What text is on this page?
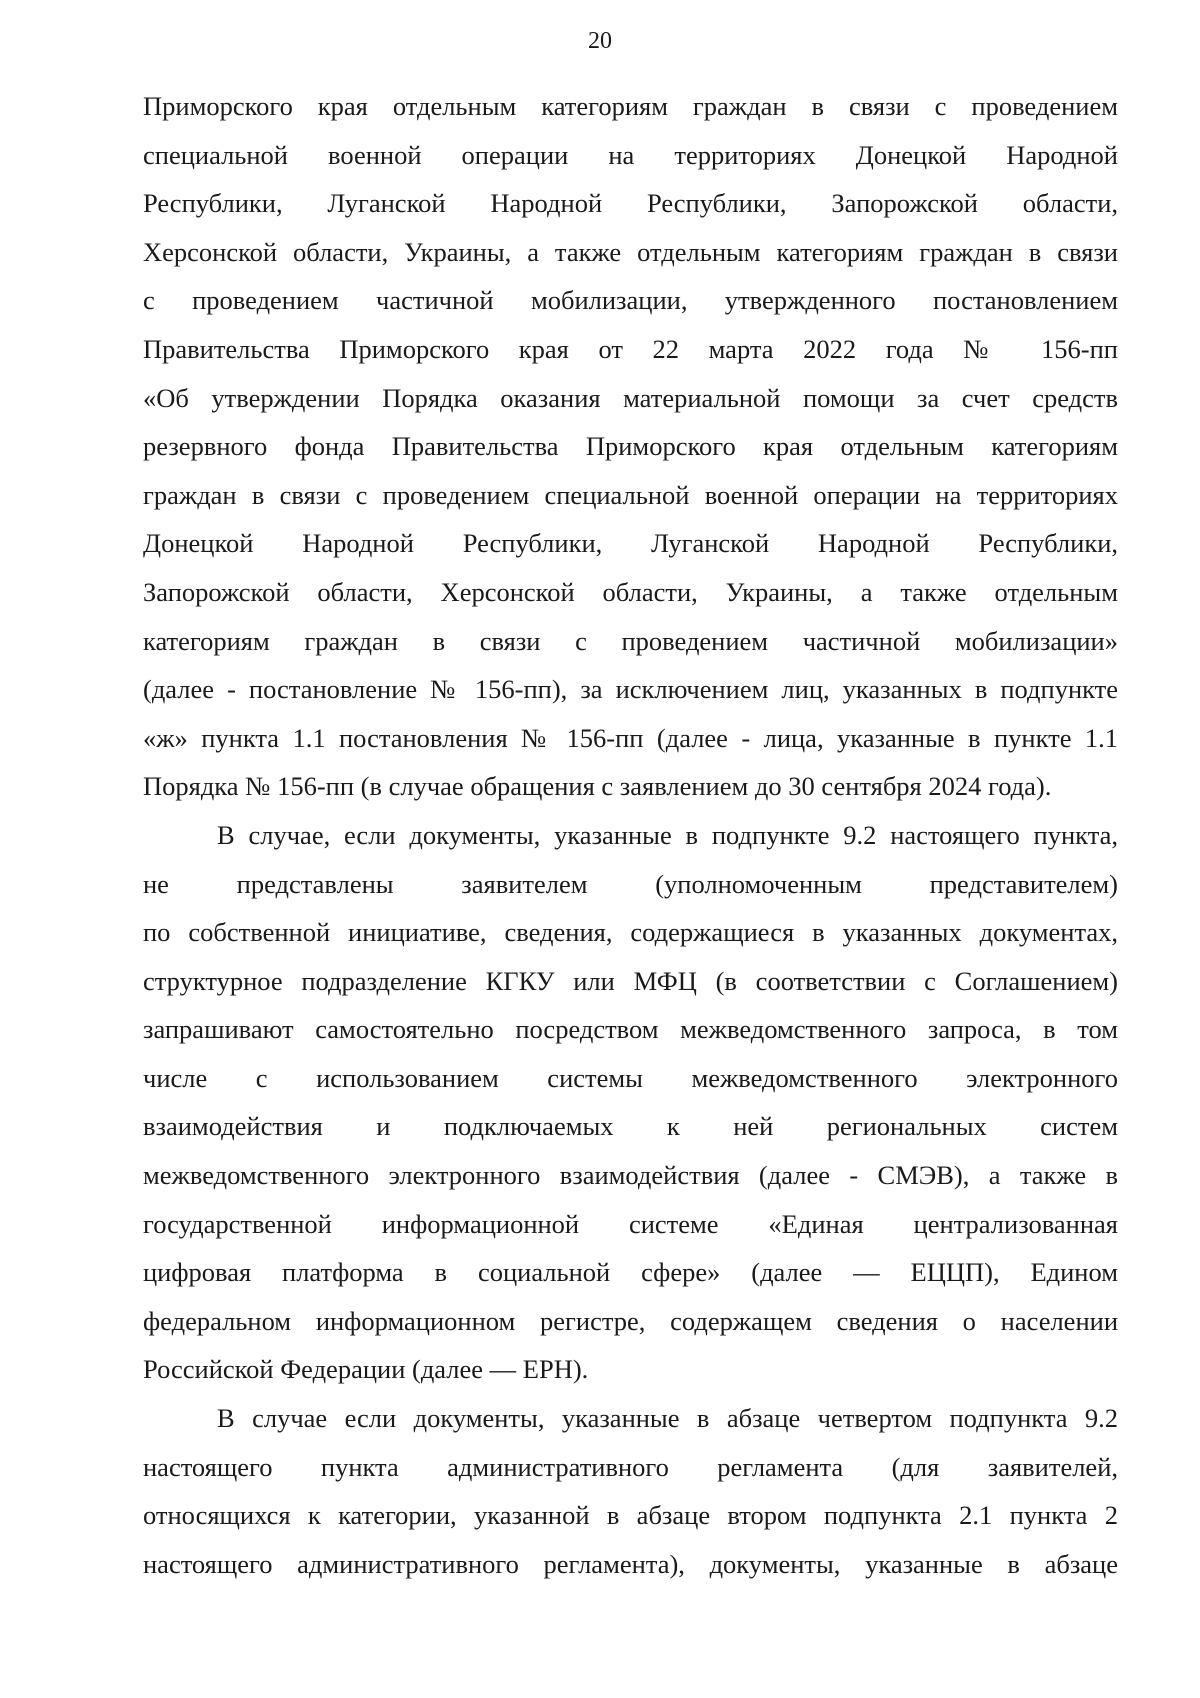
20
Приморского края отдельным категориям граждан в связи с проведением
специальной военной операции на территориях Донецкой Народной
Республики, Луганской Народной Республики, Запорожской области,
Херсонской области, Украины, а также отдельным категориям граждан в связи
с проведением частичной мобилизации, утвержденного постановлением
Правительства Приморского края от 22 марта 2022 года № 156-пп
«Об утверждении Порядка оказания материальной помощи за счет средств
резервного фонда Правительства Приморского края отдельным категориям
граждан в связи с проведением специальной военной операции на территориях
Донецкой Народной Республики, Луганской Народной Республики,
Запорожской области, Херсонской области, Украины, а также отдельным
категориям граждан в связи с проведением частичной мобилизации»
(далее - постановление № 156-пп), за исключением лиц, указанных в подпункте
«ж» пункта 1.1 постановления № 156-пп (далее - лица, указанные в пункте 1.1
Порядка № 156-пп (в случае обращения с заявлением до 30 сентября 2024 года).
В случае, если документы, указанные в подпункте 9.2 настоящего пункта,
не представлены заявителем (уполномоченным представителем)
по собственной инициативе, сведения, содержащиеся в указанных документах,
структурное подразделение КГКУ или МФЦ (в соответствии с Соглашением)
запрашивают самостоятельно посредством межведомственного запроса, в том
числе с использованием системы межведомственного электронного
взаимодействия и подключаемых к ней региональных систем
межведомственного электронного взаимодействия (далее - СМЭВ), а также в
государственной информационной системе «Единая централизованная
цифровая платформа в социальной сфере» (далее — ЕЦЦП), Едином
федеральном информационном регистре, содержащем сведения о населении
Российской Федерации (далее — ЕРН).
В случае если документы, указанные в абзаце четвертом подпункта 9.2
настоящего пункта административного регламента (для заявителей,
относящихся к категории, указанной в абзаце втором подпункта 2.1 пункта 2
настоящего административного регламента), документы, указанные в абзаце
